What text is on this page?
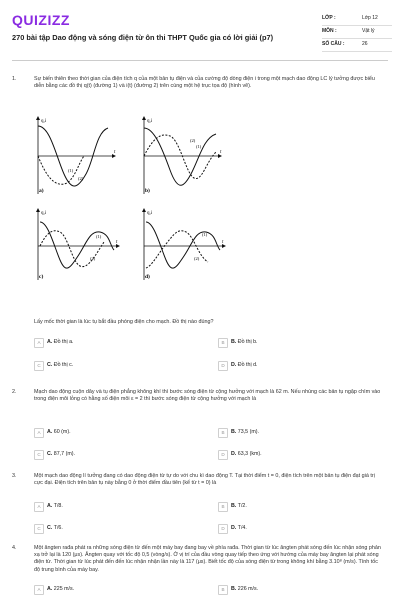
QUIZIZZ
270 bài tập Dao động và sóng điện từ ôn thi THPT Quốc gia có lời giải (p7)
LỚP :	Lớp 12
MÔN :	Vật lý
SỐ CÂU :	26
1.	Sự biến thiên theo thời gian của điện tích q của một bản tụ điện và của cường độ dòng điện i trong một mạch dao động LC lý tưởng được biểu diễn bằng các đồ thị q(t) (đường 1) và i(t) (đường 2) trên cùng một hệ trục tọa độ (hình vẽ).
q,i
t
(1)
(2)
a)
q,i
t
(1)
(2)
b)
q,i
t
(1)
(2)
c)
q,i
t
(1)
(2)
d)
Lấy mốc thời gian là lúc tụ bắt đầu phóng điện cho mạch. Đồ thị nào đúng?
A	A. Đồ thị a.	B	B. Đồ thị b.
C	C. Đồ thị c.	D	D. Đồ thị d.
2.	Mạch dao động cuộn dây và tụ điện phẳng không khí thì bước sóng điện từ cộng hưởng với mạch là 62 m. Nếu nhúng các bản tụ ngập chìm vào trong điện môi lỏng có hằng số điện môi ε = 2 thì bước sóng điện từ cộng hưởng với mạch là
A	A. 60 (m).	B	B. 73,5 (m).
C	C. 87,7 (m).	D	D. 63,3 (km).
3.	Một mạch dao động lí tưởng đang có dao động điện từ tự do với chu kì dao động T. Tại thời điểm t = 0, điện tích trên một bản tụ điện đạt giá trị cực đại. Điện tích trên bản tụ này bằng 0 ở thời điểm đầu tiên (kể từ t = 0) là
A	A. T/8.	B	B. T/2.
C	C. T/6.	D	D. T/4.
4.	Một ăngten rađa phát ra những sóng điện từ đến một máy bay đang bay về phía rađa. Thời gian từ lúc ăngten phát sóng đến lúc nhận sóng phản xạ trở lại là 120 (μs). Ăngten quay với tốc độ 0,5 (vòng/s). Ở vị trí của đầu vòng quay tiếp theo ứng với hướng của máy bay ăngten lại phát sóng điện từ. Thời gian từ lúc phát đến đến lúc nhận nhận lần này là 117 (μs). Biết tốc độ của sóng điện từ trong không khí bằng 3.10⁸ (m/s). Tính tốc độ trung bình của máy bay.
A	A. 225 m/s.	B	B. 226 m/s.
